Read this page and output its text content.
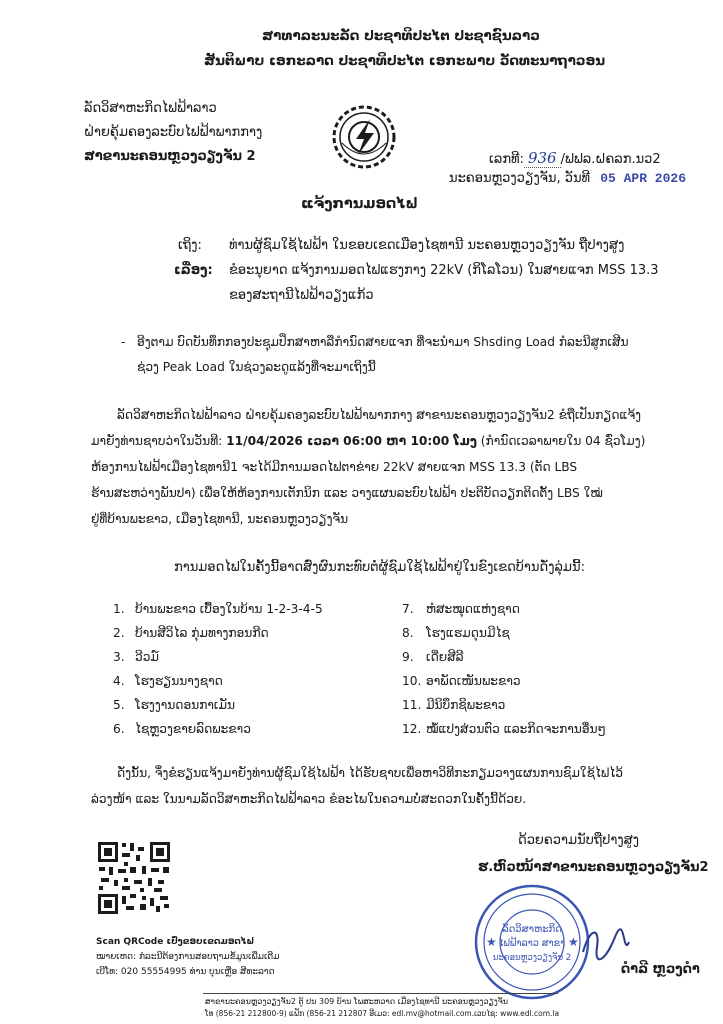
ສາທາລະນະລັດ ປະຊາທິປະໄຕ ປະຊາຊົນລາວ
ສັນຕິພາບ ເອກະລາດ ປະຊາທິປະໄຕ ເອກະພາບ ວັດທະນາຖາວອນ
ລັດວິສາຫະກິດໄຟຟ້າລາວ
ຝ່າຍຄຸ້ມຄອງລະບົບໄຟຟ້າພາກກາງ
ສາຂານະຄອນຫຼວງວຽງຈັນ 2	ເລກທີ: 936 /ຟຟລ.ຝຄລກ.ນວ2
ນະຄອນຫຼວງວຽງຈັນ, ວັນທີ 05 APR 2026
ແຈ້ງການມອດໄຟ
ເຖິງ: ທ່ານຜູ້ຊົມໃຊ້ໄຟຟ້າ ໃນຂອບເຂດເມືອງໄຊທານີ ນະຄອນຫຼວງວຽງຈັນ ຖືປາງສູງ
ເລື່ອງ: ຂໍອະນຸຍາດ ແຈ້ງການມອດໄຟແຮງກາງ 22kV (ກິໂລໂວນ) ໃນສາຍແຈກ MSS 13.3
ຂອງສະຖານີໄຟຟ້າວຽງແກ້ວ
- ອີງຕາມ ບົດບັນທຶກກອງປະຊຸມປຶກສາຫາລືກຳນົດສາຍແຈກ ທີ່ຈະນຳມາ Shsding Load ກໍລະນີສູກເສີນ
ຊ່ວງ Peak Load ໃນຊ່ວງລະດູແລ້ງທີ່ຈະມາເຖິງນີ້
ລັດວິສາຫະກິດໄຟຟ້າລາວ ຝ່າຍຄຸ້ມຄອງລະບົບໄຟຟ້າພາກກາງ ສາຂານະຄອນຫຼວງວຽງຈັນ2 ຂໍຖືເປັນກຽດແຈ້ງ
ມາຍັງທ່ານຊາບວ່າໃນວັນທີ: 11/04/2026 ເວລາ 06:00 ຫາ 10:00 ໂມງ (ກຳນົດເວລາພາຍໃນ 04 ຊົ່ວໂມງ)
ຫ້ອງການໄຟຟ້າເມືອງໄຊທານີ1 ຈະໄດ້ມີການມອດໄຟຕາຂ່າຍ 22kV ສາຍແຈກ MSS 13.3 (ຕັດ LBS
ຮ້ານສະຫວ່າງພັນປາ) ເພື່ອໃຫ້ຫ້ອງການເຕັກນິກ ແລະ ວາງແຜນລະບົບໄຟຟ້າ ປະຕິບັດວຽກຕິດຕັ້ງ LBS ໃໝ່
ຢູ່ທີ່ບ້ານພະຂາວ, ເມືອງໄຊທານີ, ນະຄອນຫຼວງວຽງຈັນ
ການມອດໄຟໃນຄັ້ງນີ້ອາດສົ່ງຜົນກະທົບຕໍ່ຜູ້ຊົມໃຊ້ໄຟຟ້າຢູ່ໃນຂົງເຂດບ້ານດັ່ງລຸ່ມນີ້:
1. ບ້ານພະຂາວ ເບື້ອງໃນບ້ານ 1-2-3-4-5
2. ບ້ານສີວິໄລ ກຸ່ມທາງກອນກີດ
3. ວີວມ໌
4. ໂຮງຮຽນນາງຊາດ
5. ໂຮງງານດອນກາເມັນ
6. ໄຊຫຼວງຂາຍລົດພະຂາວ
7. ຫໍສະໝຸດແຫ່ງຊາດ
8. ໂຮງແຮມດຸນມີໄຊ
9. ເດີ່ຍສີລີ
10. ອາພັດເໜັນພະຂາວ
11. ມີນິບຶກຊິພະຂາວ
12. ໝໍ້ແປງສ່ວນຕົວ ແລະກິດຈະການອື່ນໆ
ດັ່ງນັ້ນ, ຈຶ່ງຂໍຮຽນແຈ້ງມາຍັງທ່ານຜູ້ຊົມໃຊ້ໄຟຟ້າ ໄດ້ຮັບຊາບເພື່ອຫາວິທີກະກຽມວາງແຜນການຊົມໃຊ້ໄຟໄວ້
ລ່ວງໜ້າ ແລະ ໃນນາມລັດວິສາຫະກິດໄຟຟ້າລາວ ຂໍອະໄພໃນຄວາມບໍ່ສະດວກໃນຄັ້ງນີ້ດ້ວຍ.
ດ້ວຍຄວາມນັບຖືປາງສູງ
ຮ.ຫົວໜ້າສາຂານະຄອນຫຼວງວຽງຈັນ2
ລັດວິສາຫະກິດ
ໄຟຟ້າລາວ ສາຂາ
ນະຄອນຫຼວງວຽງຈັນ 2
★	★
ດຳລີ ຫຼວງດຳ
Scan QRCode ເປົ່ງຂອບເຂດມອດໄຟ
ໝາຍເຫດ: ກໍລະນີຕ້ອງການສອບຖາມຂໍ້ມູນເພີ່ມເຕີມ
ເບີໂທ: 020 55554995 ທ່ານ ບຸນເຫຼືອ ສີທະລາດ
ສາຂານະຄອນຫຼວງວຽງຈັນ2 ຕູ້ ປນ 309 ບ້ານ ໂພສະຫວາດ ເມືອງໄຊທານີ ນະຄອນຫຼວງວຽງຈັນ
ໂທ (856-21 212800-9) ແຟັກ (856-21 212807 ອີເມວ: edl.mv@hotmail.com.ເວບໄຊ: www.edl.com.la
